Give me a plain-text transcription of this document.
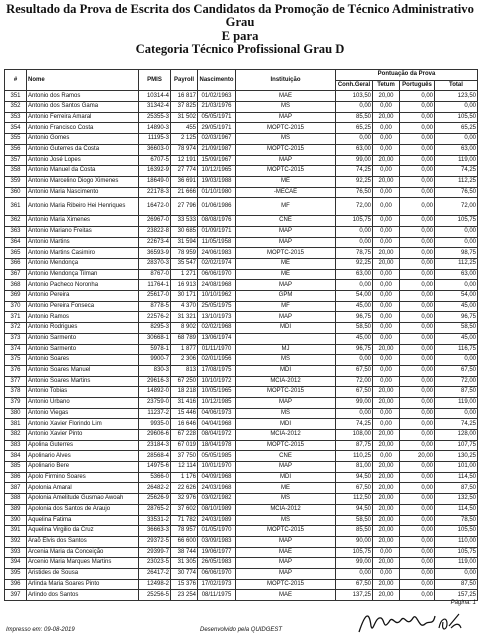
Resultado da Prova de Escrita dos Candidatos da Promoção de Técnico Administrativo Grau
E para
Categoria Técnico Profissional Grau D
#	Nome	PMIS	Payroll	Nascimento	Instituição	Pontuação da Prova			
						Conh.Geral	Tetum	Português	Total
351	Antonio dos Ramos	10314-4	16 817	01/02/1963	MAE	103,50	20,00	0,00	123,50
352	Antonio dos Santos Gama	31342-4	37 825	21/03/1976	MS	0,00	0,00	0,00	0,00
353	Antonio Ferreira Amaral	25355-3	31 502	05/05/1971	MAP	85,50	20,00	0,00	105,50
354	Antonio Francisco Costa	14890-3	455	29/05/1971	MOPTC-2015	65,25	0,00	0,00	65,25
355	Antonio Gomes	11195-3	2 125	02/03/1967	MS	0,00	0,00	0,00	0,00
356	Antonio Guterres da Costa	36603-0	78 974	21/09/1987	MOPTC-2015	63,00	0,00	0,00	63,00
357	Antonio José Lopes	6707-5	12 191	15/09/1967	MAP	99,00	20,00	0,00	119,00
358	Antonio Manuel da Costa	16392-9	27 774	10/12/1965	MOPTC-2015	74,25	0,00	0,00	74,25
359	Antonio Marcelino Diogo Ximenes	18649-0	36 691	19/03/1988	ME	92,25	20,00	0,00	112,25
360	Antonio Maria Nascimento	22178-3	21 666	01/10/1980	-MECAE	76,50	0,00	0,00	76,50
361	Antonio Maria Ribeiro Hei Henriques	16472-0	27 796	01/06/1986	MF	72,00	0,00	0,00	72,00
362	Antonio Maria Ximenes	26967-0	33 533	08/08/1976	CNE	105,75	0,00	0,00	105,75
363	Antonio Mariano Freitas	23822-8	30 685	01/09/1971	MAP	0,00	0,00	0,00	0,00
364	Antonio Martins	22673-4	31 594	11/05/1958	MAP	0,00	0,00	0,00	0,00
365	Antonio Martins Casimiro	36593-9	78 959	24/06/1983	MOPTC-2015	78,75	20,00	0,00	98,75
366	Antonio Mendonça	28370-3	35 547	02/02/1974	ME	92,25	20,00	0,00	112,25
367	Antonio Mendonça Tilman	8767-0	1 271	06/06/1970	ME	63,00	0,00	0,00	63,00
368	Antonio Pacheco Noronha	11764-1	16 913	24/08/1968	MAP	0,00	0,00	0,00	0,00
369	Antonio Pereira	25617-0	30 171	10/10/1962	GPM	54,00	0,00	0,00	54,00
370	Antonio Pereira Fonseca	8778-5	4 370	25/05/1975	MF	45,00	0,00	0,00	45,00
371	Antonio Ramos	22576-2	31 321	13/10/1973	MAP	96,75	0,00	0,00	96,75
372	Antonio Rodrigues	8295-3	8 902	02/02/1968	MDI	58,50	0,00	0,00	58,50
373	Antonio Sarmento	30668-1	68 789	13/06/1974		45,00	0,00	0,00	45,00
374	Antonio Sarmento	5978-1	1 877	01/11/1970	MJ	96,75	20,00	0,00	116,75
375	Antonio Soares	9900-7	2 306	02/01/1956	MS	0,00	0,00	0,00	0,00
376	Antonio Soares Manuel	830-3	813	17/08/1975	MDI	67,50	0,00	0,00	67,50
377	Antonio Soares Martins	29616-3	67 250	10/10/1972	MCIA-2012	72,00	0,00	0,00	72,00
378	Antonio Tobias	14892-0	18 218	10/05/1965	MOPTC-2015	67,50	20,00	0,00	87,50
379	Antonio Urbano	23759-0	31 416	10/12/1985	MAP	99,00	20,00	0,00	119,00
380	Antonio Viegas	11237-2	15 446	04/06/1973	MS	0,00	0,00	0,00	0,00
381	Antonio Xavier Florindo Lim	9935-0	16 646	04/04/1968	MDI	74,25	0,00	0,00	74,25
382	Antonio Xavier Pinto	29606-6	67 228	08/04/1972	MCIA-2012	108,00	20,00	0,00	128,00
383	Apolina Guterres	23184-3	67 019	18/04/1978	MOPTC-2015	87,75	20,00	0,00	107,75
384	Apolinario Alves	28568-4	37 750	05/05/1985	CNE	110,25	0,00	20,00	130,25
385	Apolinario Bere	14975-6	12 114	10/01/1970	MAP	81,00	20,00	0,00	101,00
386	Apolo Firmino Soares	5366-0	1 176	04/09/1968	MDI	94,50	20,00	0,00	114,50
387	Apolonia Amaral	26482-2	22 626	24/03/1968	ME	67,50	20,00	0,00	87,50
388	Apolonia Amelitude Gusmao Awoah	25626-9	32 976	03/02/1982	MS	112,50	20,00	0,00	132,50
389	Apolonia dos Santos de Araujo	28765-2	37 602	08/10/1989	MCIA-2012	94,50	20,00	0,00	114,50
390	Aquelina Fatima	33531-2	71 782	24/03/1989	MS	58,50	20,00	0,00	78,50
391	Aquelina Virgilio da Cruz	36663-3	78 957	01/05/1970	MOPTC-2015	85,50	20,00	0,00	105,50
392	Araõ Elvis dos Santos	29372-5	66 600	03/09/1983	MAP	90,00	20,00	0,00	110,00
393	Arcenia Maria da Conceição	29399-7	38 744	19/06/1977	MAE	105,75	0,00	0,00	105,75
394	Arcenio Maria Marques Martins	23023-5	31 305	26/05/1983	MAP	99,00	20,00	0,00	119,00
395	Aristides de Sousa	26417-2	30 774	06/06/1970	MAP	0,00	0,00	0,00	0,00
396	Arlinda Maria Soares Pinto	12498-2	15 376	17/02/1973	MOPTC-2015	67,50	20,00	0,00	87,50
397	Arlindo dos Santos	25256-5	23 254	08/11/1975	MAE	137,25	20,00	0,00	157,25
Página: 1
Impresso em: 09-08-2019	Desenvolvido pela QUIDGEST
